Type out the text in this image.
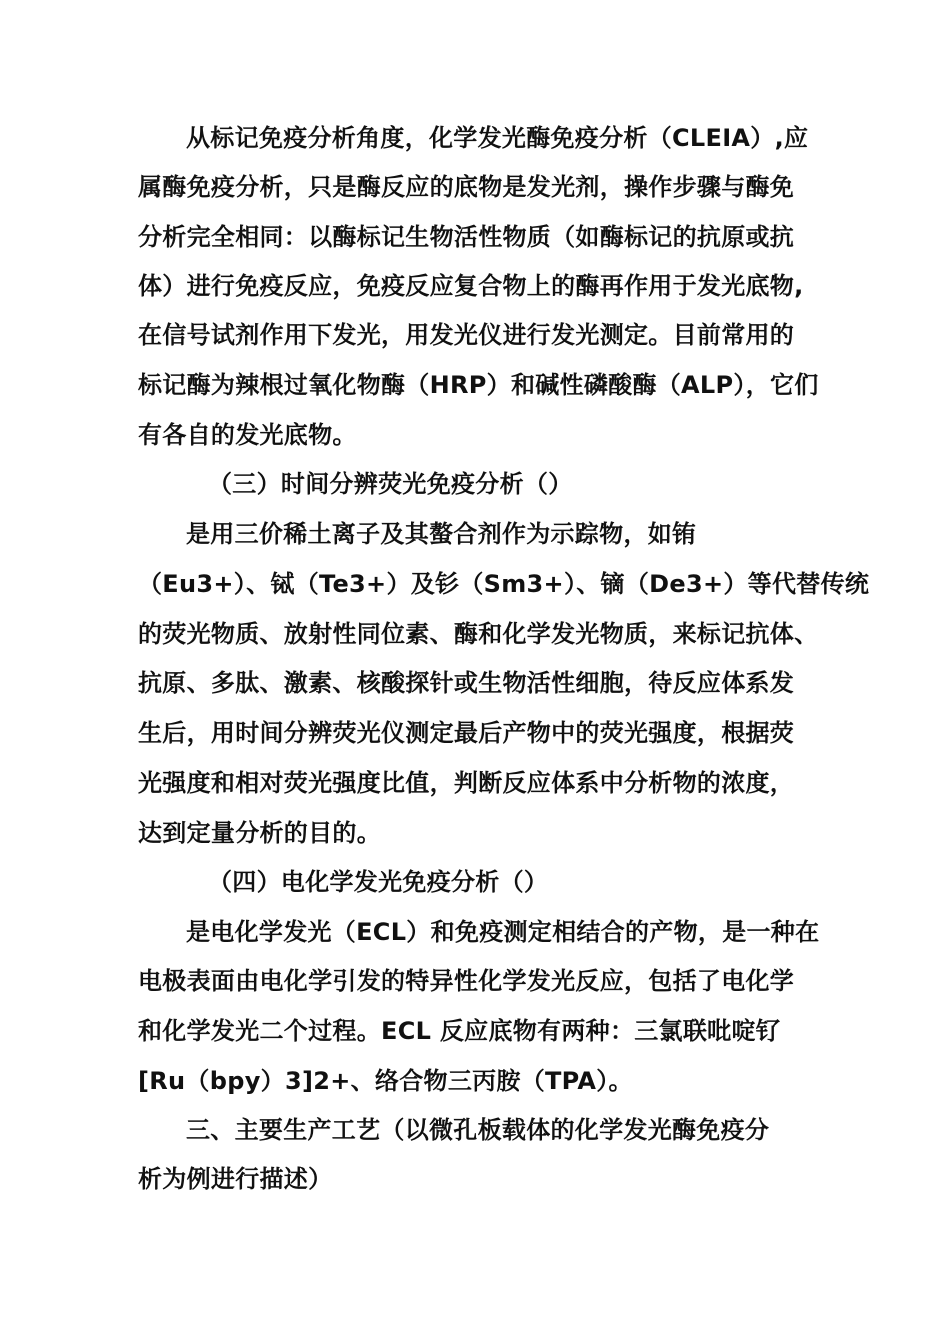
从标记免疫分析角度，化学发光酶免疫分析（CLEIA）,应

属酶免疫分析，只是酶反应的底物是发光剂，操作步骤与酶免

分析完全相同：以酶标记生物活性物质（如酶标记的抗原或抗

体）进行免疫反应，免疫反应复合物上的酶再作用于发光底物,

在信号试剂作用下发光，用发光仪进行发光测定。目前常用的

标记酶为辣根过氧化物酶（HRP）和碱性磷酸酶（ALP），它们

有各自的发光底物。

（三）时间分辨荧光免疫分析（）

是用三价稀土离子及其螯合剂作为示踪物，如铕

（Eu3+）、铽（Te3+）及钐（Sm3+）、镝（De3+）等代替传统

的荧光物质、放射性同位素、酶和化学发光物质，来标记抗体、

抗原、多肽、激素、核酸探针或生物活性细胞，待反应体系发

生后，用时间分辨荧光仪测定最后产物中的荧光强度，根据荧

光强度和相对荧光强度比值，判断反应体系中分析物的浓度，

达到定量分析的目的。

（四）电化学发光免疫分析（）

是电化学发光（ECL）和免疫测定相结合的产物，是一种在

电极表面由电化学引发的特异性化学发光反应，包括了电化学

和化学发光二个过程。ECL 反应底物有两种：三氯联吡啶钌

[Ru（bpy）3]2+、络合物三丙胺（TPA）。

三、主要生产工艺（以微孔板载体的化学发光酶免疫分

析为例进行描述）
